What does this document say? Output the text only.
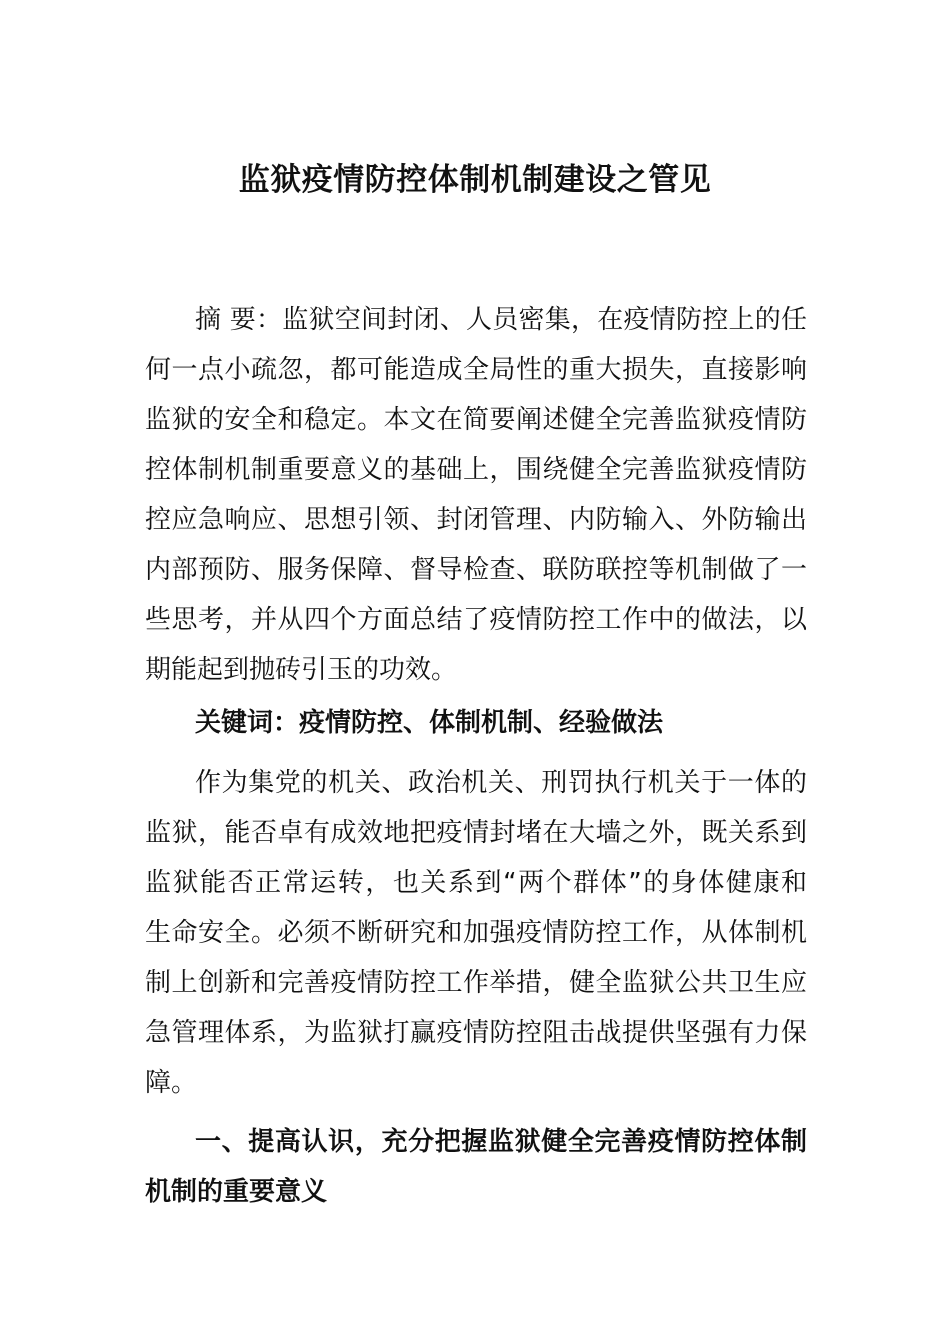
监狱疫情防控体制机制建设之管见
摘 要：监狱空间封闭、人员密集，在疫情防控上的任
何一点小疏忽，都可能造成全局性的重大损失，直接影响
监狱的安全和稳定。本文在简要阐述健全完善监狱疫情防
控体制机制重要意义的基础上，围绕健全完善监狱疫情防
控应急响应、思想引领、封闭管理、内防输入、外防输出
内部预防、服务保障、督导检查、联防联控等机制做了一
些思考，并从四个方面总结了疫情防控工作中的做法，以
期能起到抛砖引玉的功效。
关键词：疫情防控、体制机制、经验做法
作为集党的机关、政治机关、刑罚执行机关于一体的
监狱，能否卓有成效地把疫情封堵在大墙之外，既关系到
监狱能否正常运转，也关系到“两个群体”的身体健康和
生命安全。必须不断研究和加强疫情防控工作，从体制机
制上创新和完善疫情防控工作举措，健全监狱公共卫生应
急管理体系，为监狱打赢疫情防控阻击战提供坚强有力保
障。
一、提高认识，充分把握监狱健全完善疫情防控体制
机制的重要意义
